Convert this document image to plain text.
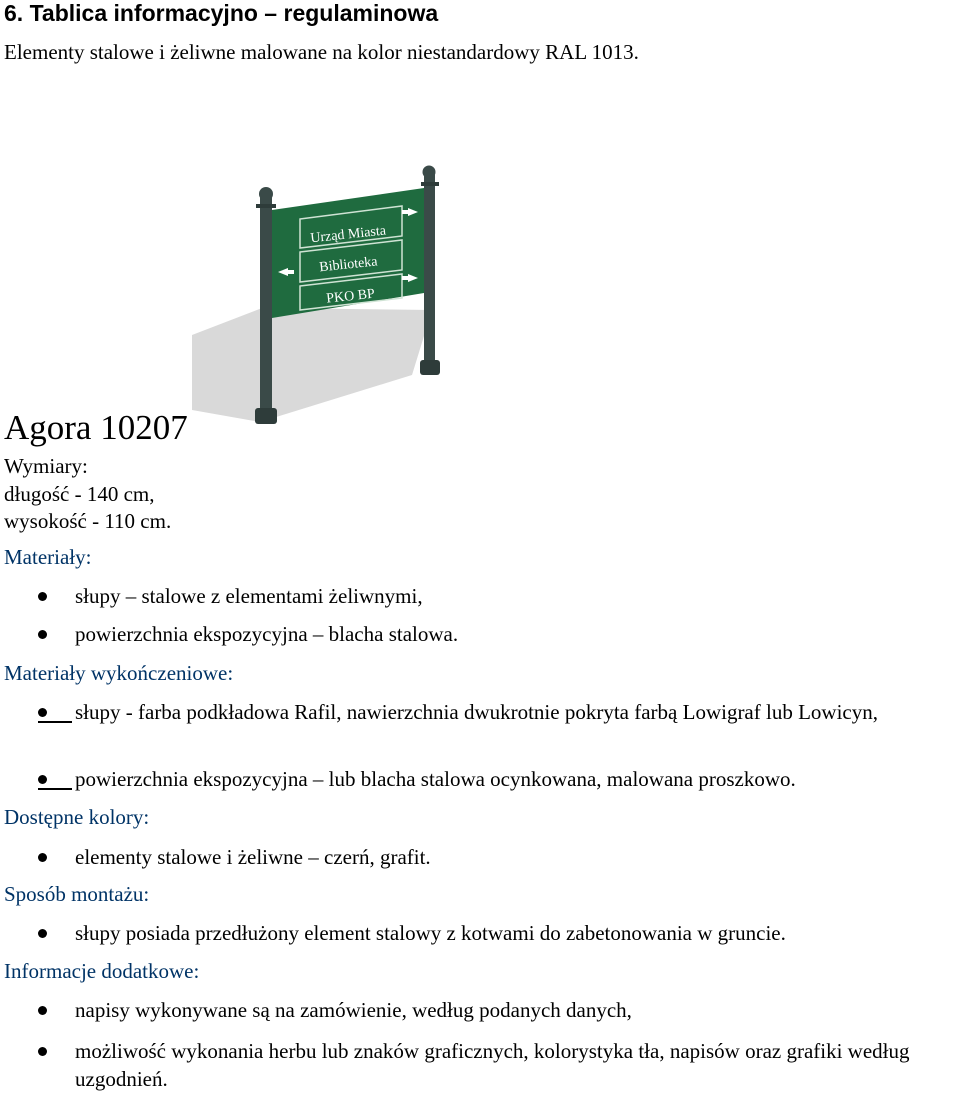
6. Tablica informacyjno – regulaminowa
Elementy stalowe i żeliwne malowane na kolor niestandardowy RAL 1013.
Urząd Miasta
Biblioteka
PKO BP
Agora 10207
Wymiary:
długość - 140 cm,
wysokość - 110 cm.
Materiały:
słupy – stalowe z elementami żeliwnymi,
powierzchnia ekspozycyjna – blacha stalowa.
Materiały wykończeniowe:
słupy - farba podkładowa Rafil, nawierzchnia dwukrotnie pokryta farbą Lowigraf lub Lowicyn,
powierzchnia ekspozycyjna – lub blacha stalowa ocynkowana, malowana proszkowo.
Dostępne kolory:
elementy stalowe i żeliwne – czerń, grafit.
Sposób montażu:
słupy posiada przedłużony element stalowy z kotwami do zabetonowania w gruncie.
Informacje dodatkowe:
napisy wykonywane są na zamówienie, według podanych danych,
możliwość wykonania herbu lub znaków graficznych, kolorystyka tła, napisów oraz grafiki według uzgodnień.
